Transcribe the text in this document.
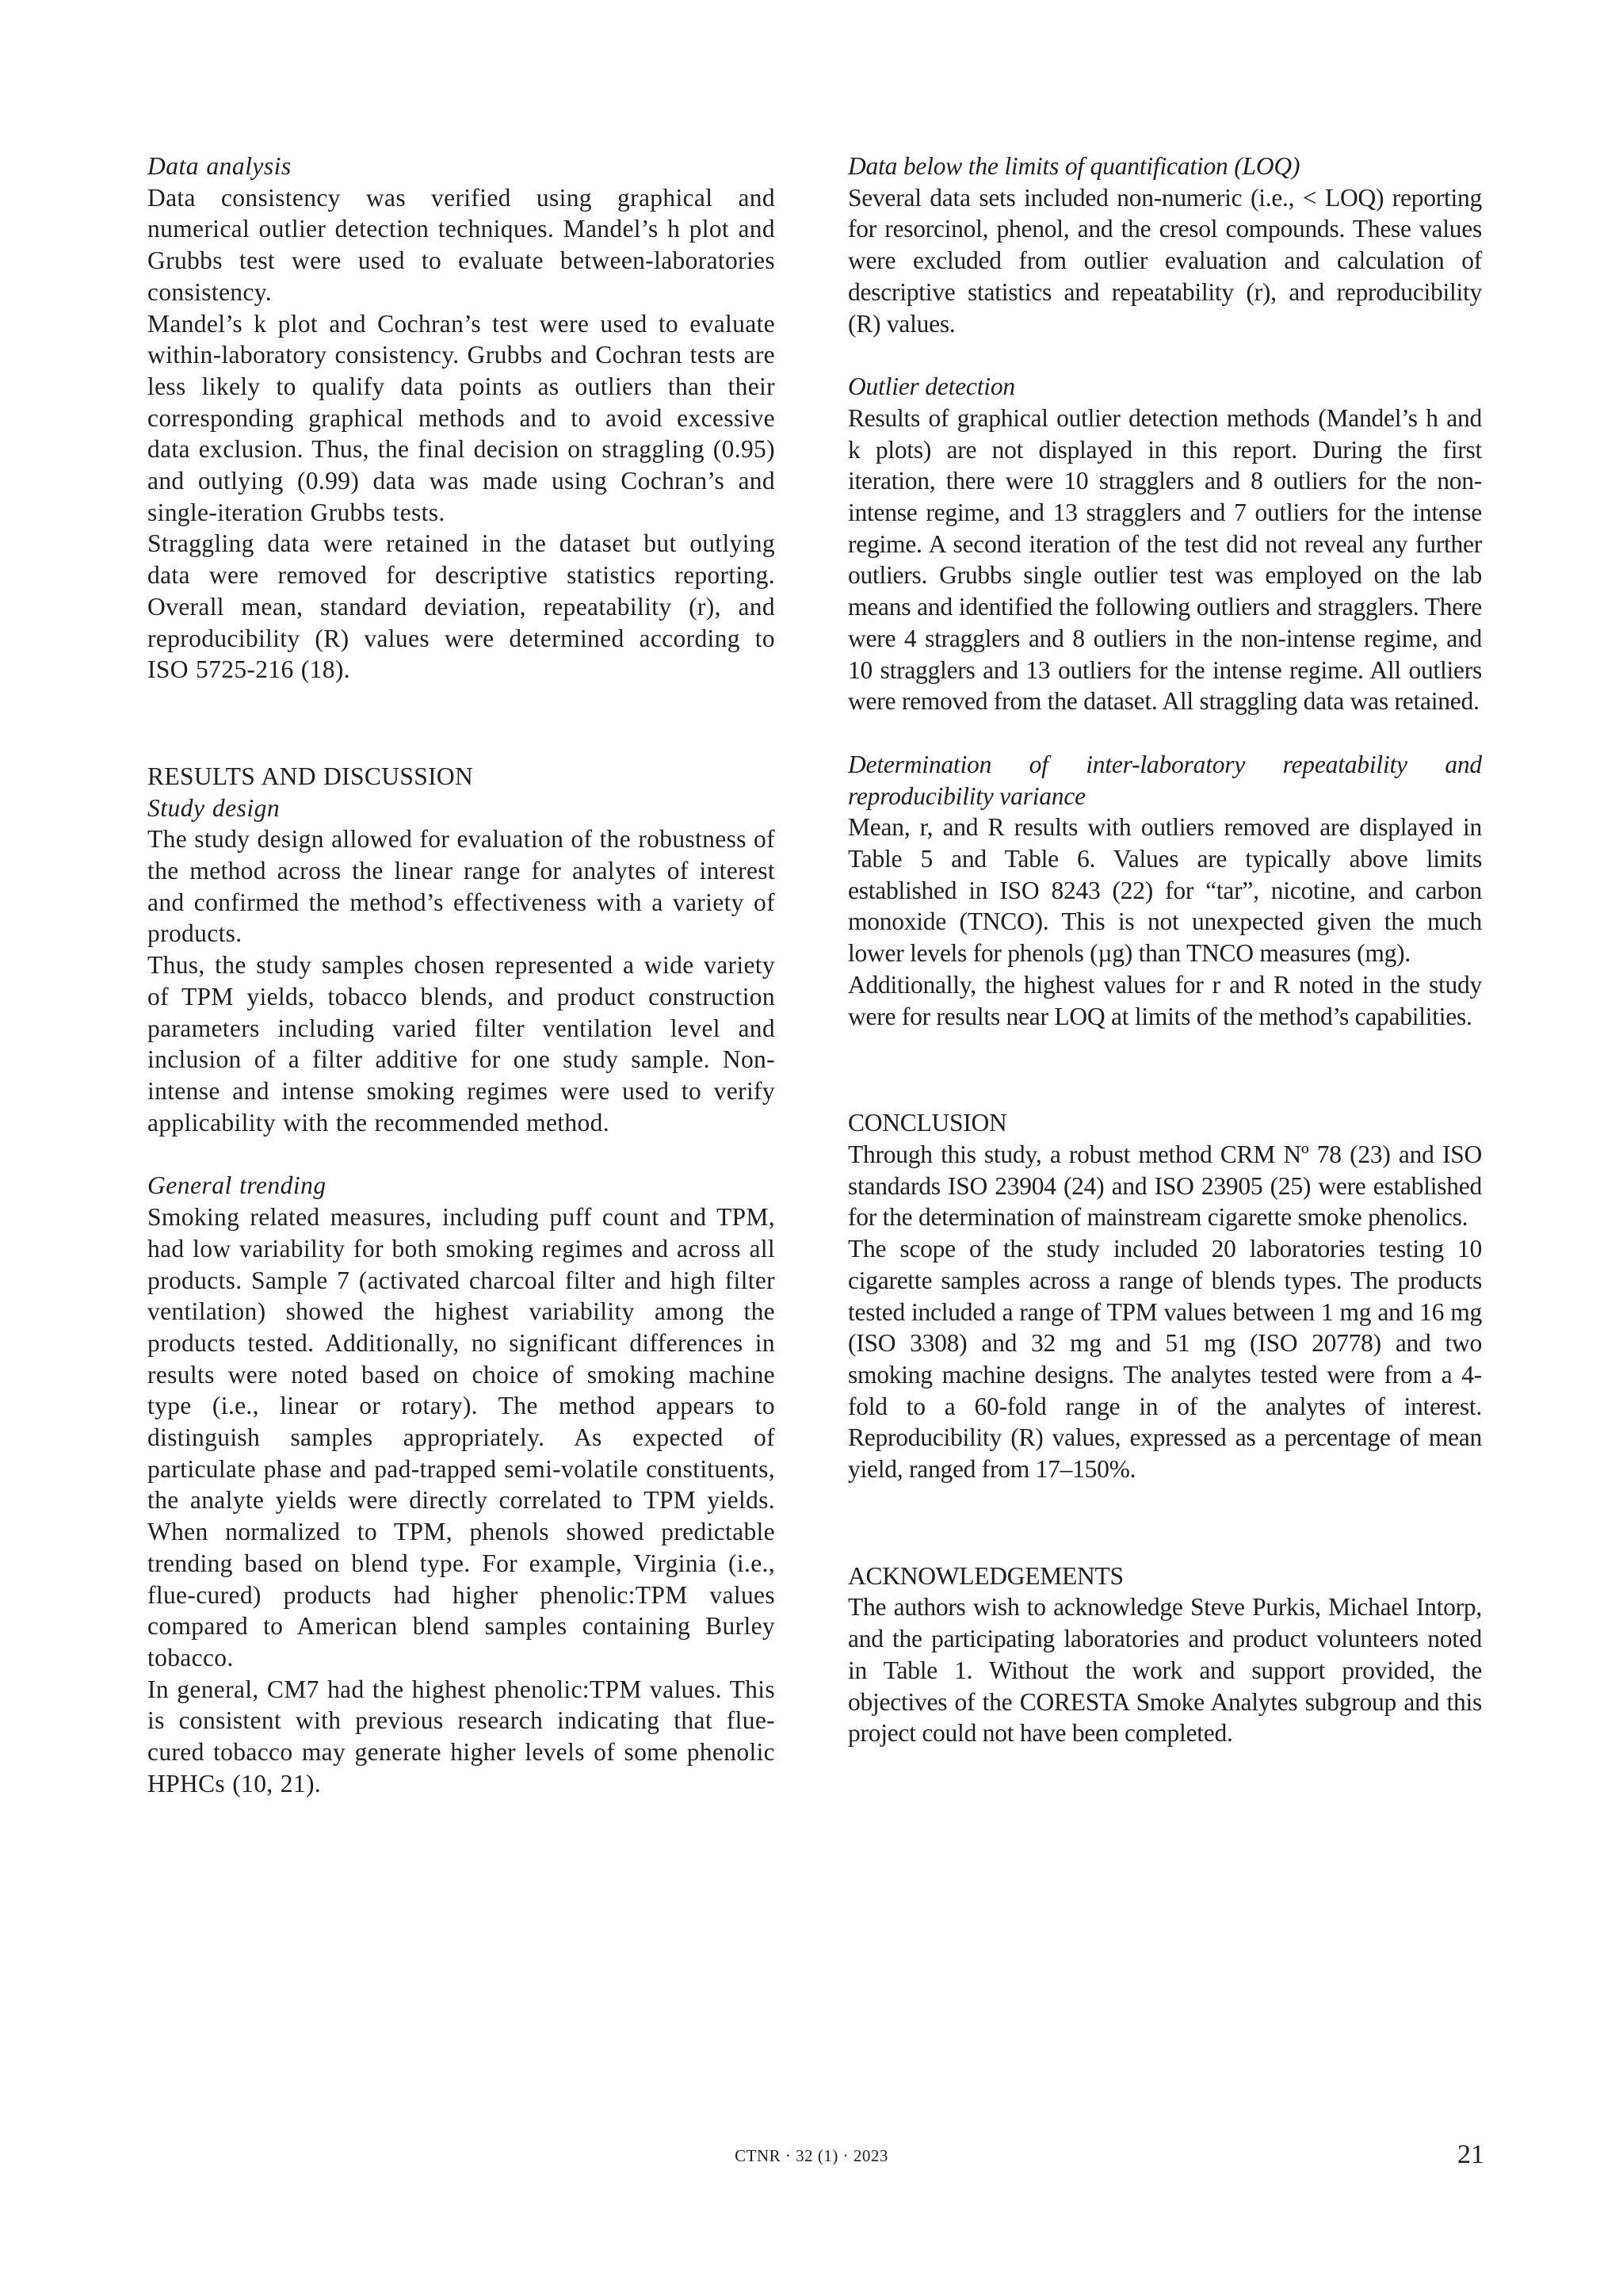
Data analysis

Data consistency was verified using graphical and numerical outlier detection techniques. Mandel’s h plot and Grubbs test were used to evaluate between-laboratories consistency.

Mandel’s k plot and Cochran’s test were used to evaluate within-laboratory consistency. Grubbs and Cochran tests are less likely to qualify data points as outliers than their corresponding graphical methods and to avoid excessive data exclusion. Thus, the final decision on straggling (0.95) and outlying (0.99) data was made using Cochran’s and single-iteration Grubbs tests.

Straggling data were retained in the dataset but outlying data were removed for descriptive statistics reporting. Overall mean, standard deviation, repeatability (r), and reproducibility (R) values were determined according to ISO 5725-216 (18).

RESULTS AND DISCUSSION

Study design

The study design allowed for evaluation of the robustness of the method across the linear range for analytes of interest and confirmed the method’s effectiveness with a variety of products.

Thus, the study samples chosen represented a wide variety of TPM yields, tobacco blends, and product construction parameters including varied filter ventilation level and inclusion of a filter additive for one study sample. Non-intense and intense smoking regimes were used to verify applicability with the recommended method.

General trending

Smoking related measures, including puff count and TPM, had low variability for both smoking regimes and across all products. Sample 7 (activated charcoal filter and high filter ventilation) showed the highest variability among the products tested. Additionally, no significant differences in results were noted based on choice of smoking machine type (i.e., linear or rotary). The method appears to distinguish samples appropriately. As expected of particulate phase and pad-trapped semi-volatile constituents, the analyte yields were directly correlated to TPM yields. When normalized to TPM, phenols showed predictable trending based on blend type. For example, Virginia (i.e., flue-cured) products had higher phenolic:TPM values compared to American blend samples containing Burley tobacco.

In general, CM7 had the highest phenolic:TPM values. This is consistent with previous research indicating that flue-cured tobacco may generate higher levels of some phenolic HPHCs (10, 21).

Data below the limits of quantification (LOQ)

Several data sets included non-numeric (i.e., < LOQ) reporting for resorcinol, phenol, and the cresol compounds. These values were excluded from outlier evaluation and calculation of descriptive statistics and repeatability (r), and reproducibility (R) values.

Outlier detection

Results of graphical outlier detection methods (Mandel’s h and k plots) are not displayed in this report. During the first iteration, there were 10 stragglers and 8 outliers for the non-intense regime, and 13 stragglers and 7 outliers for the intense regime. A second iteration of the test did not reveal any further outliers. Grubbs single outlier test was employed on the lab means and identified the following outliers and stragglers. There were 4 stragglers and 8 outliers in the non-intense regime, and 10 stragglers and 13 outliers for the intense regime. All outliers were removed from the dataset. All straggling data was retained.

Determination of inter-laboratory repeatability and reproducibility variance

Mean, r, and R results with outliers removed are displayed in Table 5 and Table 6. Values are typically above limits established in ISO 8243 (22) for “tar”, nicotine, and carbon monoxide (TNCO). This is not unexpected given the much lower levels for phenols (µg) than TNCO measures (mg).

Additionally, the highest values for r and R noted in the study were for results near LOQ at limits of the method’s capabilities.

CONCLUSION

Through this study, a robust method CRM Nº 78 (23) and ISO standards ISO 23904 (24) and ISO 23905 (25) were established for the determination of mainstream cigarette smoke phenolics.

The scope of the study included 20 laboratories testing 10 cigarette samples across a range of blends types. The products tested included a range of TPM values between 1 mg and 16 mg (ISO 3308) and 32 mg and 51 mg (ISO 20778) and two smoking machine designs. The analytes tested were from a 4-fold to a 60-fold range in of the analytes of interest. Reproducibility (R) values, expressed as a percentage of mean yield, ranged from 17–150%.

ACKNOWLEDGEMENTS

The authors wish to acknowledge Steve Purkis, Michael Intorp, and the participating laboratories and product volunteers noted in Table 1. Without the work and support provided, the objectives of the CORESTA Smoke Analytes subgroup and this project could not have been completed.

CTNR · 32 (1) · 2023	21
